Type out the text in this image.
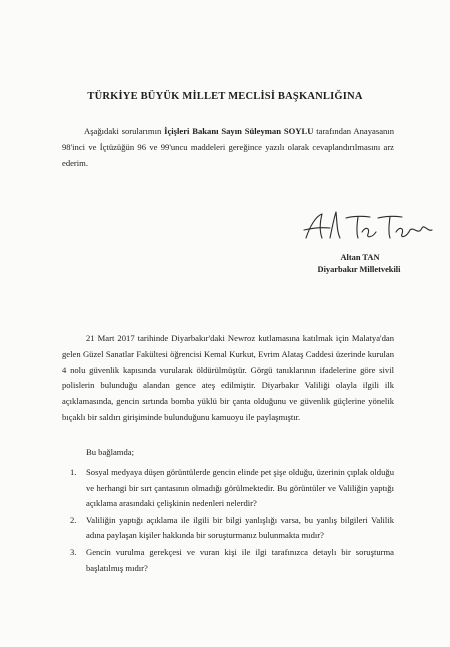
TÜRKİYE BÜYÜK MİLLET MECLİSİ BAŞKANLIĞINA
Aşağıdaki sorularımın İçişleri Bakanı Sayın Süleyman SOYLU tarafından Anayasanın 98'inci ve İçtüzüğün 96 ve 99'uncu maddeleri gereğince yazılı olarak cevaplandırılmasını arz ederim.
Altan TAN
Diyarbakır Milletvekili
21 Mart 2017 tarihinde Diyarbakır'daki Newroz kutlamasına katılmak için Malatya'dan gelen Güzel Sanatlar Fakültesi öğrencisi Kemal Kurkut, Evrim Alataş Caddesi üzerinde kurulan 4 nolu güvenlik kapısında vurularak öldürülmüştür. Görgü tanıklarının ifadelerine göre sivil polislerin bulunduğu alandan gence ateş edilmiştir. Diyarbakır Valiliği olayla ilgili ilk açıklamasında, gencin sırtında bomba yüklü bir çanta olduğunu ve güvenlik güçlerine yönelik bıçaklı bir saldırı girişiminde bulunduğunu kamuoyu ile paylaşmıştır.
Bu bağlamda;
1. Sosyal medyaya düşen görüntülerde gencin elinde pet şişe olduğu, üzerinin çıplak olduğu ve herhangi bir sırt çantasının olmadığı görülmektedir. Bu görüntüler ve Valiliğin yaptığı açıklama arasındaki çelişkinin nedenleri nelerdir?
2. Valiliğin yaptığı açıklama ile ilgili bir bilgi yanlışlığı varsa, bu yanlış bilgileri Valilik adına paylaşan kişiler hakkında bir soruşturmanız bulunmakta mıdır?
3. Gencin vurulma gerekçesi ve vuran kişi ile ilgi tarafınızca detaylı bir soruşturma başlatılmış mıdır?
